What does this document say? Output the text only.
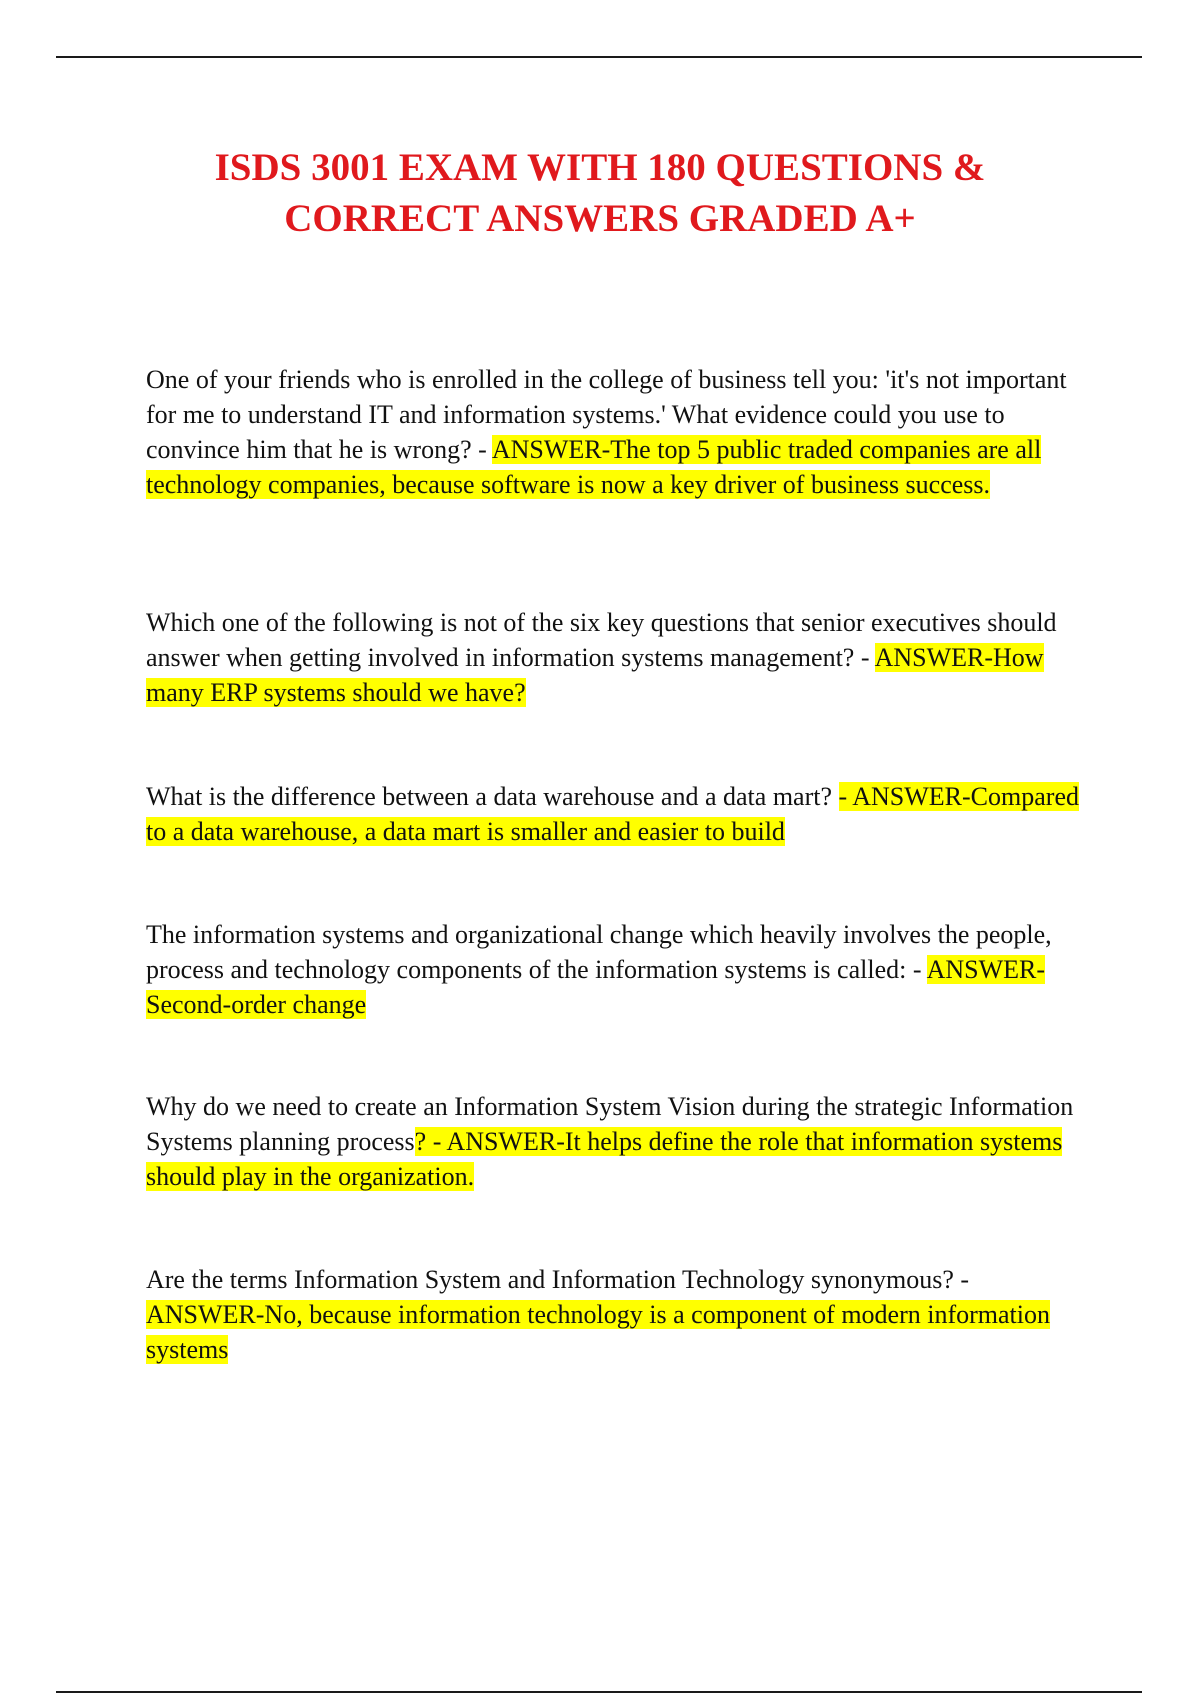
ISDS 3001 EXAM WITH 180 QUESTIONS &
CORRECT ANSWERS GRADED A+

One of your friends who is enrolled in the college of business tell you: 'it's not important for me to understand IT and information systems.' What evidence could you use to convince him that he is wrong? - ANSWER-The top 5 public traded companies are all technology companies, because software is now a key driver of business success.

Which one of the following is not of the six key questions that senior executives should answer when getting involved in information systems management? - ANSWER-How many ERP systems should we have?

What is the difference between a data warehouse and a data mart? - ANSWER-Compared to a data warehouse, a data mart is smaller and easier to build

The information systems and organizational change which heavily involves the people, process and technology components of the information systems is called: - ANSWER-Second-order change

Why do we need to create an Information System Vision during the strategic Information Systems planning process? - ANSWER-It helps define the role that information systems should play in the organization.

Are the terms Information System and Information Technology synonymous? - ANSWER-No, because information technology is a component of modern information systems
